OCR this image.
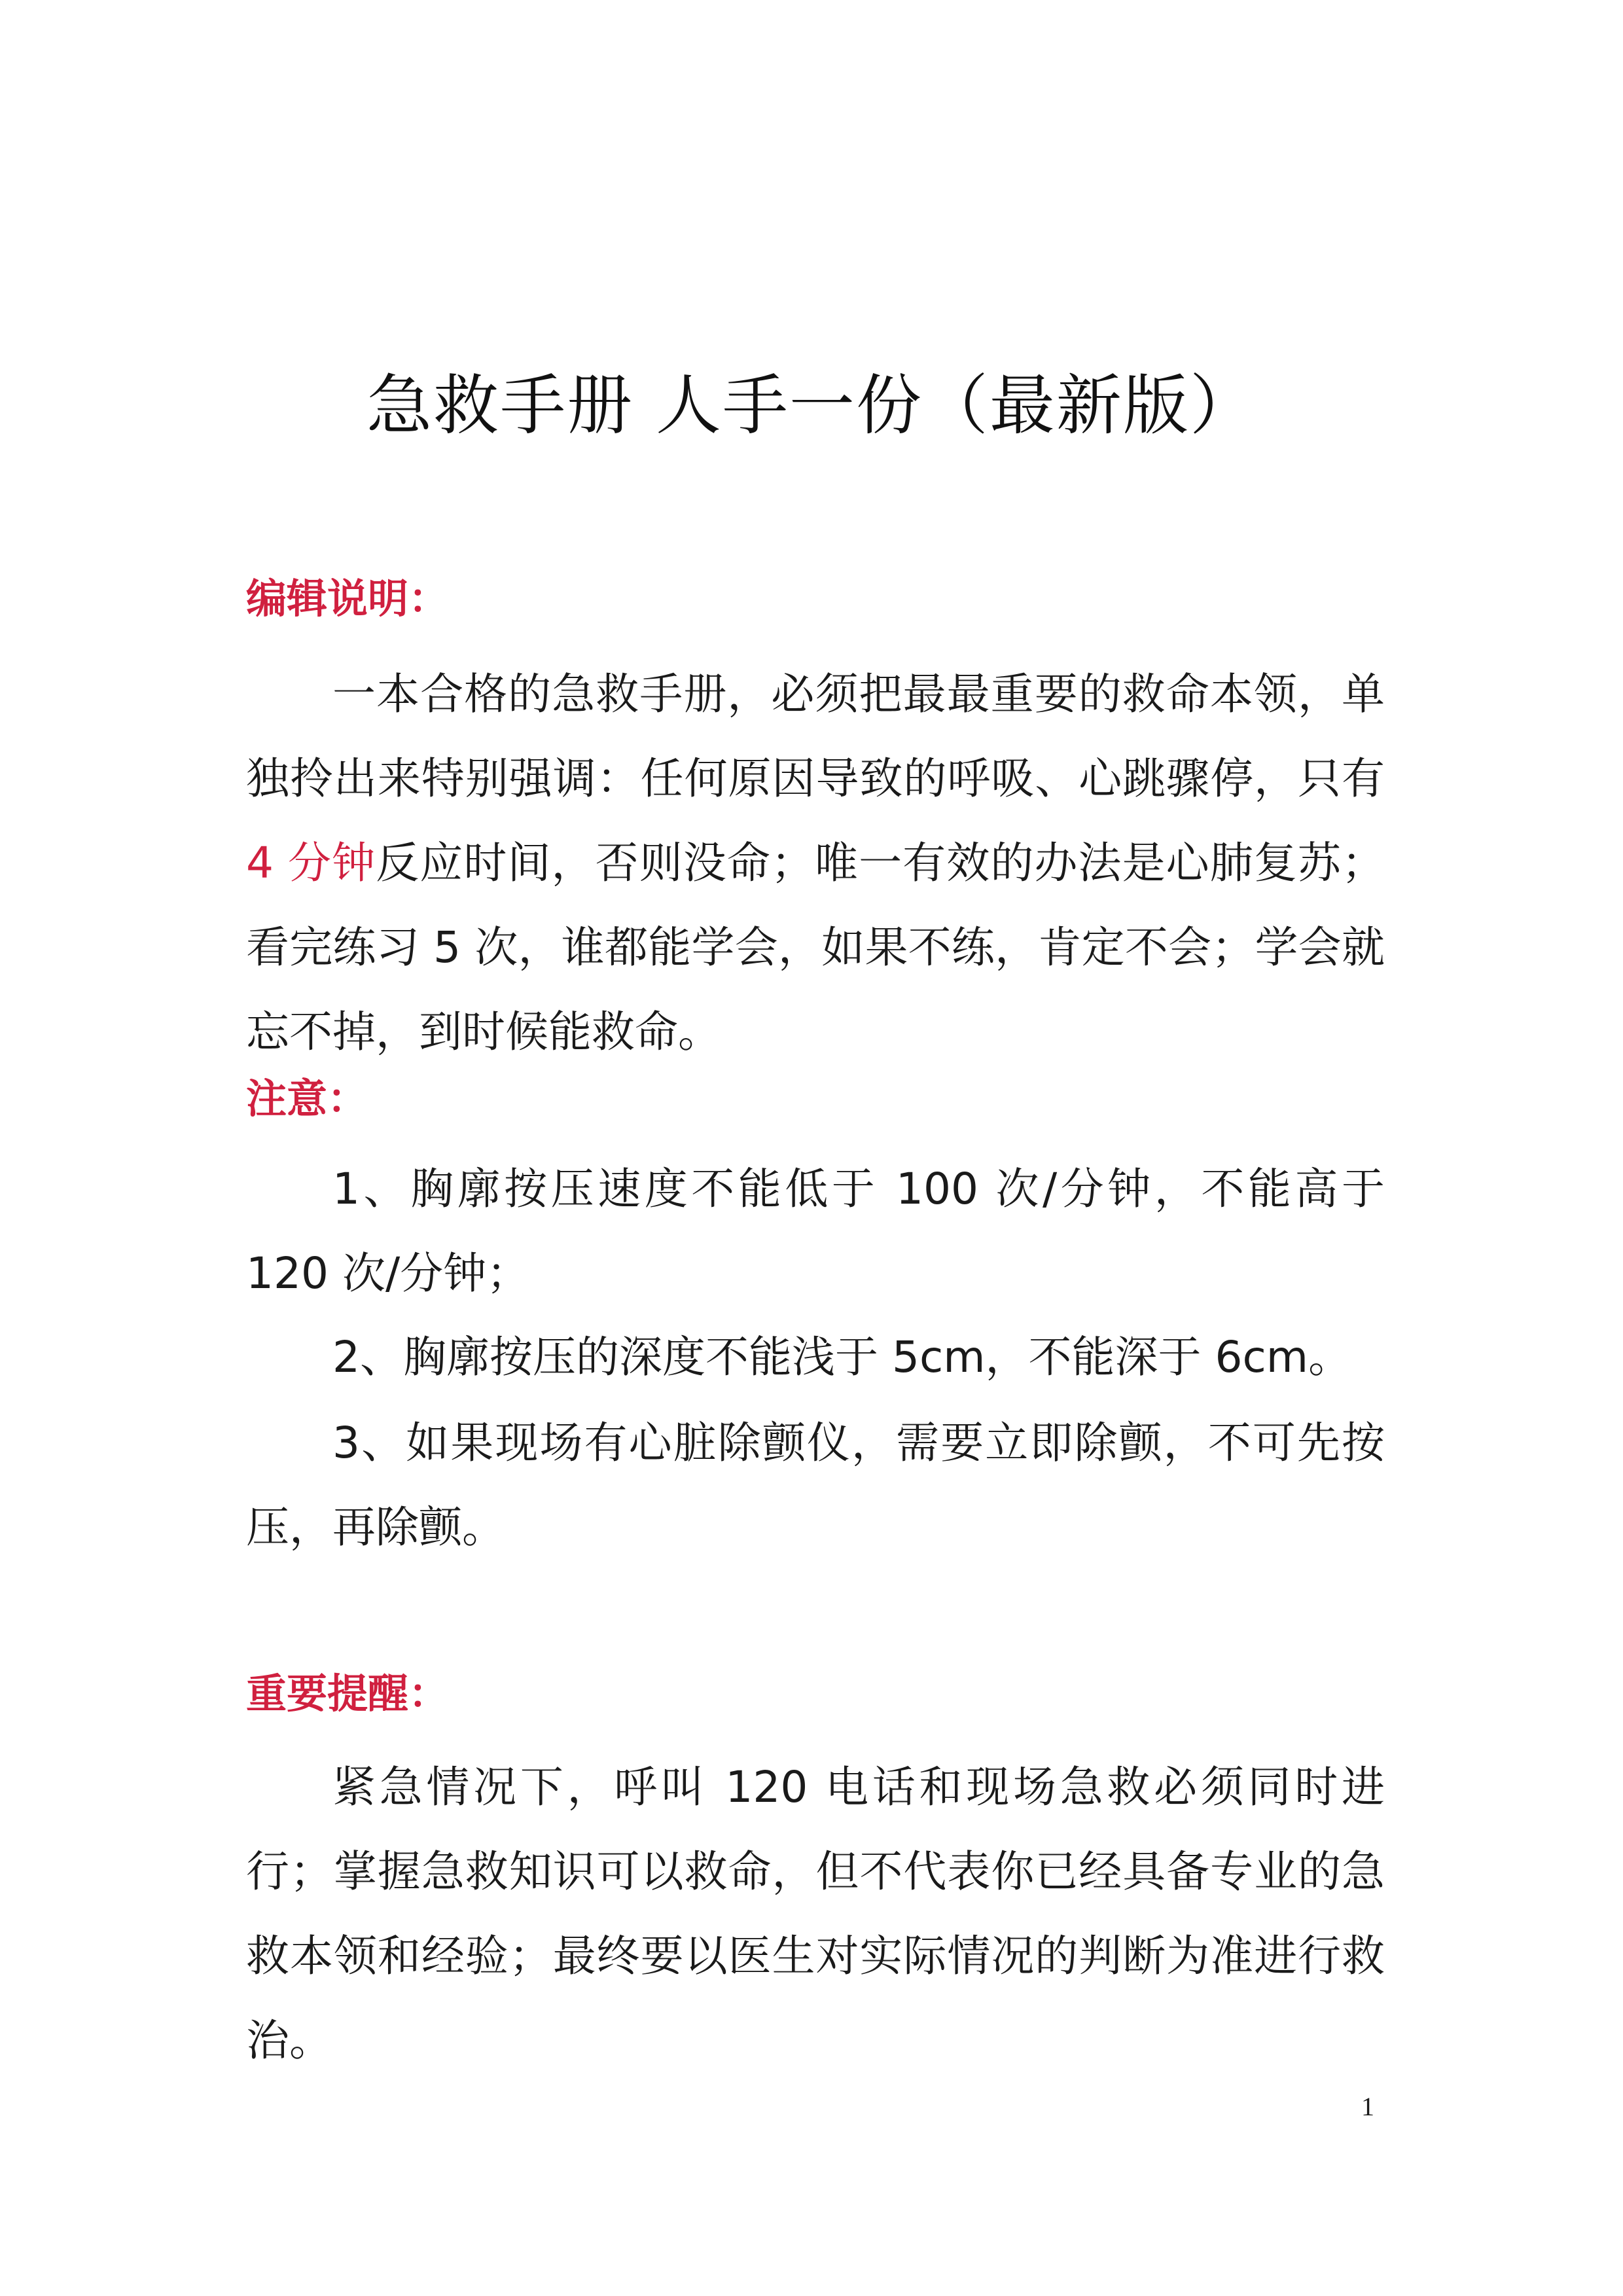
急救手册 人手一份（最新版）
编辑说明：

一本合格的急救手册，必须把最最重要的救命本领，单独拎出来特别强调：任何原因导致的呼吸、心跳骤停，只有4 分钟反应时间，否则没命；唯一有效的办法是心肺复苏；看完练习 5 次，谁都能学会，如果不练，肯定不会；学会就忘不掉，到时候能救命。

注意：

1、胸廓按压速度不能低于 100 次/分钟，不能高于 120 次/分钟；

2、胸廓按压的深度不能浅于 5cm，不能深于 6cm。

3、如果现场有心脏除颤仪，需要立即除颤，不可先按压，再除颤。

重要提醒：

紧急情况下，呼叫 120 电话和现场急救必须同时进行；掌握急救知识可以救命，但不代表你已经具备专业的急救本领和经验；最终要以医生对实际情况的判断为准进行救治。

1
